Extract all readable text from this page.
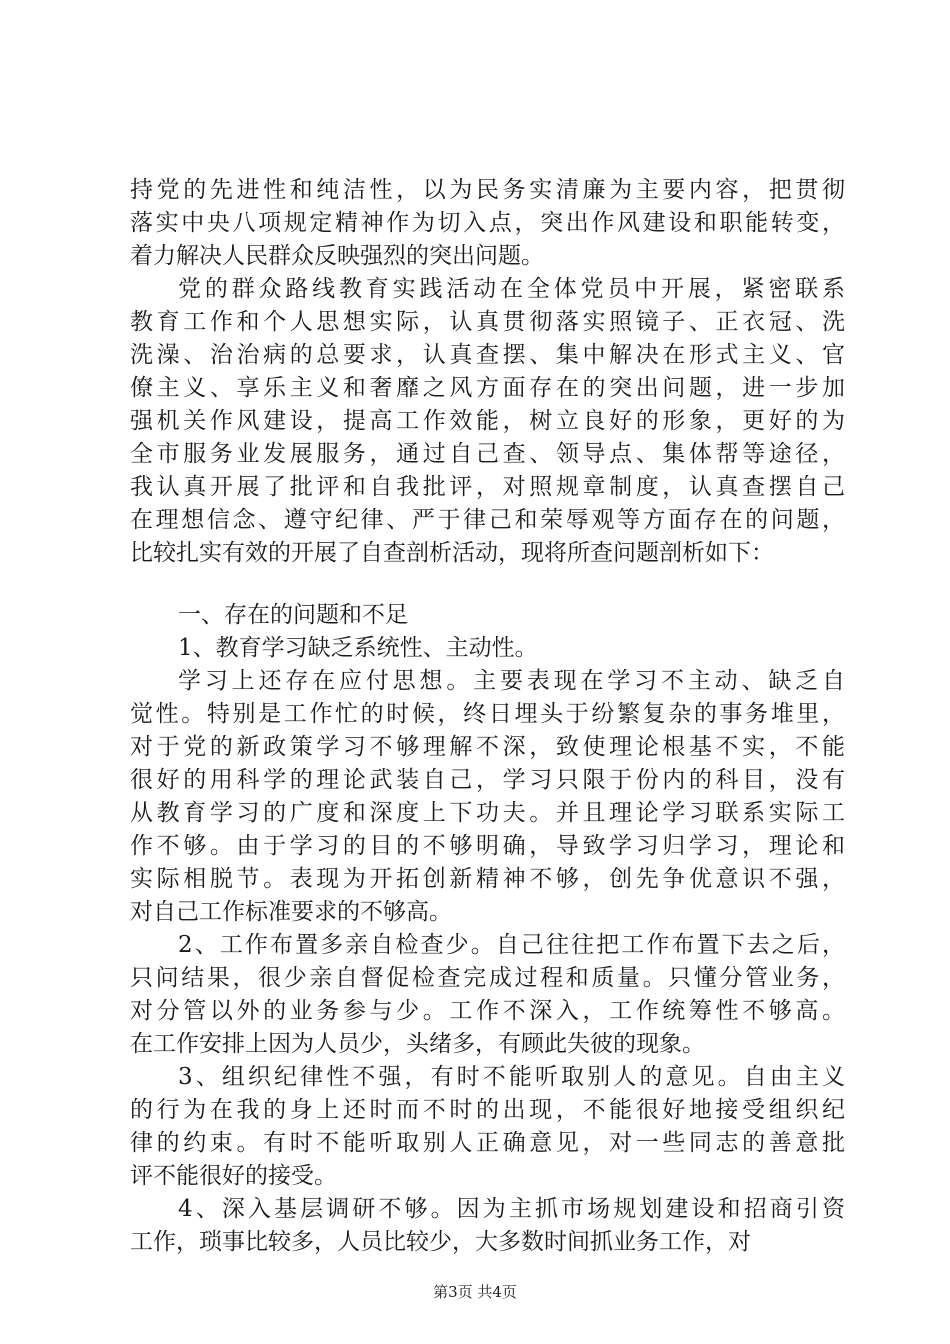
持党的先进性和纯洁性，以为民务实清廉为主要内容，把贯彻
落实中央八项规定精神作为切入点，突出作风建设和职能转变，
着力解决人民群众反映强烈的突出问题。
党的群众路线教育实践活动在全体党员中开展，紧密联系
教育工作和个人思想实际，认真贯彻落实照镜子、正衣冠、洗
洗澡、治治病的总要求，认真查摆、集中解决在形式主义、官
僚主义、享乐主义和奢靡之风方面存在的突出问题，进一步加
强机关作风建设，提高工作效能，树立良好的形象，更好的为
全市服务业发展服务，通过自己查、领导点、集体帮等途径，
我认真开展了批评和自我批评，对照规章制度，认真查摆自己
在理想信念、遵守纪律、严于律己和荣辱观等方面存在的问题，
比较扎实有效的开展了自查剖析活动，现将所查问题剖析如下：
一、存在的问题和不足
1、教育学习缺乏系统性、主动性。
学习上还存在应付思想。主要表现在学习不主动、缺乏自
觉性。特别是工作忙的时候，终日埋头于纷繁复杂的事务堆里，
对于党的新政策学习不够理解不深，致使理论根基不实，不能
很好的用科学的理论武装自己，学习只限于份内的科目，没有
从教育学习的广度和深度上下功夫。并且理论学习联系实际工
作不够。由于学习的目的不够明确，导致学习归学习，理论和
实际相脱节。表现为开拓创新精神不够，创先争优意识不强，
对自己工作标准要求的不够高。
2、工作布置多亲自检查少。自己往往把工作布置下去之后，
只问结果，很少亲自督促检查完成过程和质量。只懂分管业务，
对分管以外的业务参与少。工作不深入，工作统筹性不够高。
在工作安排上因为人员少，头绪多，有顾此失彼的现象。
3、组织纪律性不强，有时不能听取别人的意见。自由主义
的行为在我的身上还时而不时的出现，不能很好地接受组织纪
律的约束。有时不能听取别人正确意见，对一些同志的善意批
评不能很好的接受。
4、深入基层调研不够。因为主抓市场规划建设和招商引资
工作，琐事比较多，人员比较少，大多数时间抓业务工作，对
第3页 共4页
